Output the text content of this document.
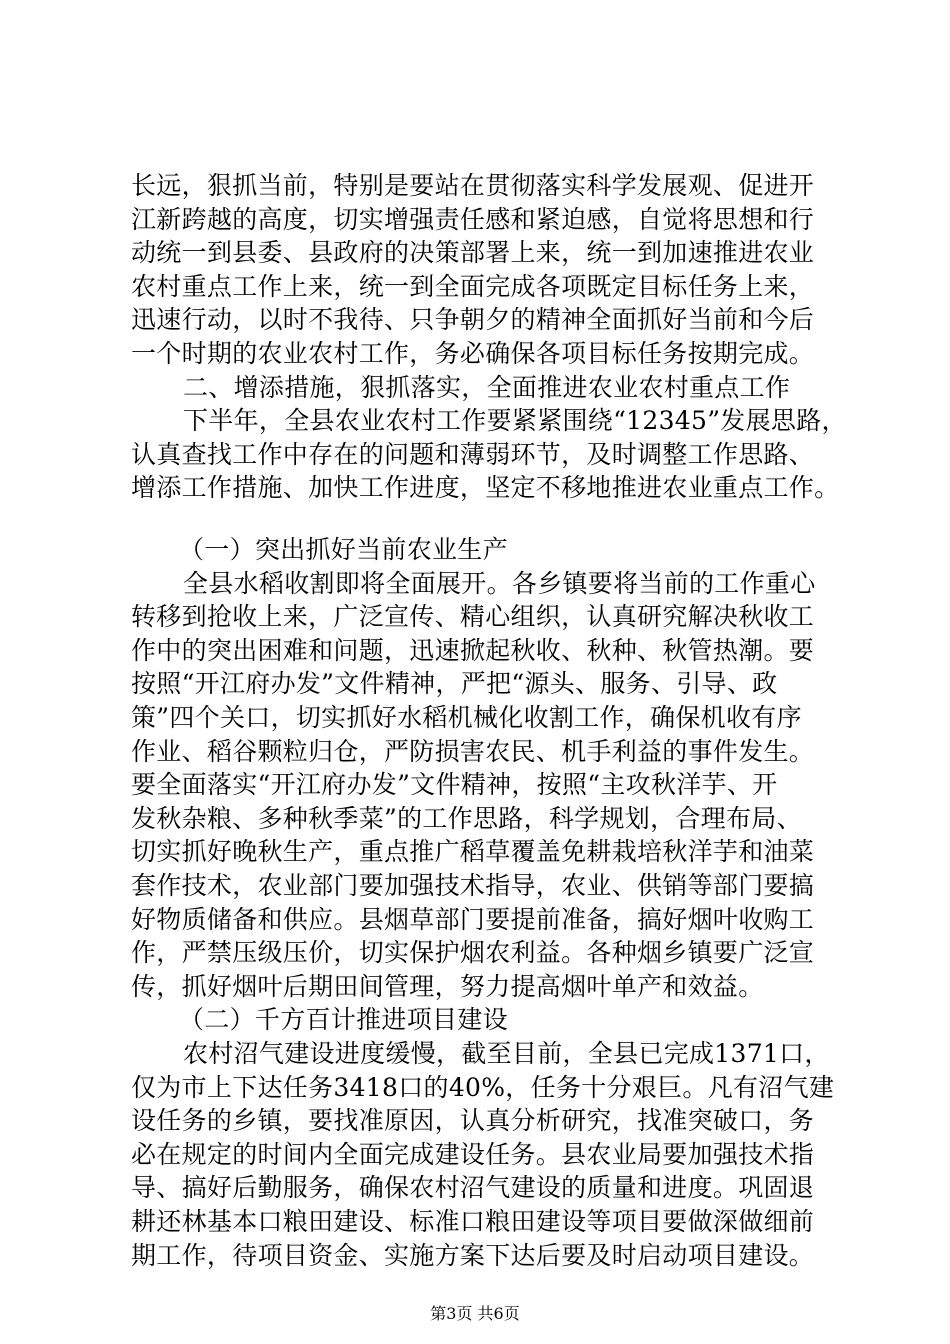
长远，狠抓当前，特别是要站在贯彻落实科学发展观、促进开

江新跨越的高度，切实增强责任感和紧迫感，自觉将思想和行

动统一到县委、县政府的决策部署上来，统一到加速推进农业

农村重点工作上来，统一到全面完成各项既定目标任务上来，

迅速行动，以时不我待、只争朝夕的精神全面抓好当前和今后

一个时期的农业农村工作，务必确保各项目标任务按期完成。

二、增添措施，狠抓落实，全面推进农业农村重点工作

下半年，全县农业农村工作要紧紧围绕“12345”发展思路，

认真查找工作中存在的问题和薄弱环节，及时调整工作思路、

增添工作措施、加快工作进度，坚定不移地推进农业重点工作。

（一）突出抓好当前农业生产

全县水稻收割即将全面展开。各乡镇要将当前的工作重心

转移到抢收上来，广泛宣传、精心组织，认真研究解决秋收工

作中的突出困难和问题，迅速掀起秋收、秋种、秋管热潮。要

按照“开江府办发”文件精神，严把“源头、服务、引导、政

策”四个关口，切实抓好水稻机械化收割工作，确保机收有序

作业、稻谷颗粒归仓，严防损害农民、机手利益的事件发生。

要全面落实“开江府办发”文件精神，按照“主攻秋洋芋、开

发秋杂粮、多种秋季菜”的工作思路，科学规划，合理布局、

切实抓好晚秋生产，重点推广稻草覆盖免耕栽培秋洋芋和油菜

套作技术，农业部门要加强技术指导，农业、供销等部门要搞

好物质储备和供应。县烟草部门要提前准备，搞好烟叶收购工

作，严禁压级压价，切实保护烟农利益。各种烟乡镇要广泛宣

传，抓好烟叶后期田间管理，努力提高烟叶单产和效益。

（二）千方百计推进项目建设

农村沼气建设进度缓慢，截至目前，全县已完成1371口，

仅为市上下达任务3418口的40%，任务十分艰巨。凡有沼气建

设任务的乡镇，要找准原因，认真分析研究，找准突破口，务

必在规定的时间内全面完成建设任务。县农业局要加强技术指

导、搞好后勤服务，确保农村沼气建设的质量和进度。巩固退

耕还林基本口粮田建设、标准口粮田建设等项目要做深做细前

期工作，待项目资金、实施方案下达后要及时启动项目建设。

第3页 共6页
